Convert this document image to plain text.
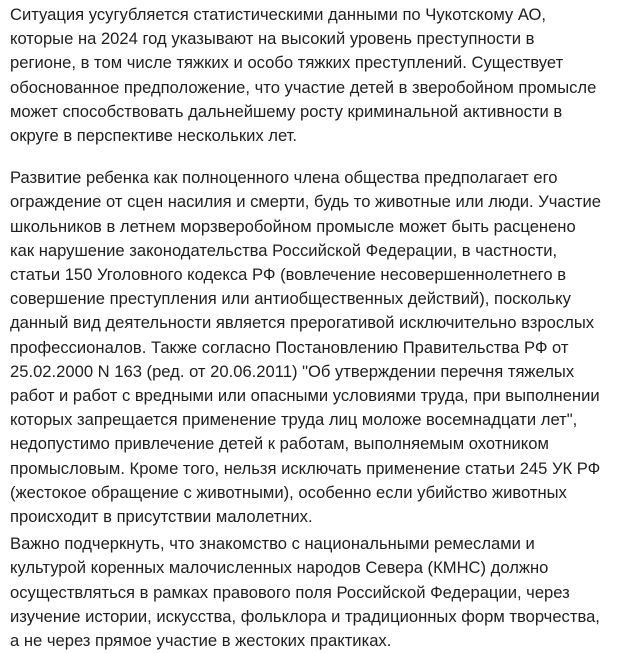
Ситуация усугубляется статистическими данными по Чукотскому АО,
которые на 2024 год указывают на высокий уровень преступности в
регионе, в том числе тяжких и особо тяжких преступлений. Существует
обоснованное предположение, что участие детей в зверобойном промысле
может способствовать дальнейшему росту криминальной активности в
округе в перспективе нескольких лет.

Развитие ребенка как полноценного члена общества предполагает его
ограждение от сцен насилия и смерти, будь то животные или люди. Участие
школьников в летнем морзверобойном промысле может быть расценено
как нарушение законодательства Российской Федерации, в частности,
статьи 150 Уголовного кодекса РФ (вовлечение несовершеннолетнего в
совершение преступления или антиобщественных действий), поскольку
данный вид деятельности является прерогативой исключительно взрослых
профессионалов. Также согласно Постановлению Правительства РФ от
25.02.2000 N 163 (ред. от 20.06.2011) "Об утверждении перечня тяжелых
работ и работ с вредными или опасными условиями труда, при выполнении
которых запрещается применение труда лиц моложе восемнадцати лет",
недопустимо привлечение детей к работам, выполняемым охотником
промысловым. Кроме того, нельзя исключать применение статьи 245 УК РФ
(жестокое обращение с животными), особенно если убийство животных
происходит в присутствии малолетних.

Важно подчеркнуть, что знакомство с национальными ремеслами и
культурой коренных малочисленных народов Севера (КМНС) должно
осуществляться в рамках правового поля Российской Федерации, через
изучение истории, искусства, фольклора и традиционных форм творчества,
а не через прямое участие в жестоких практиках.
